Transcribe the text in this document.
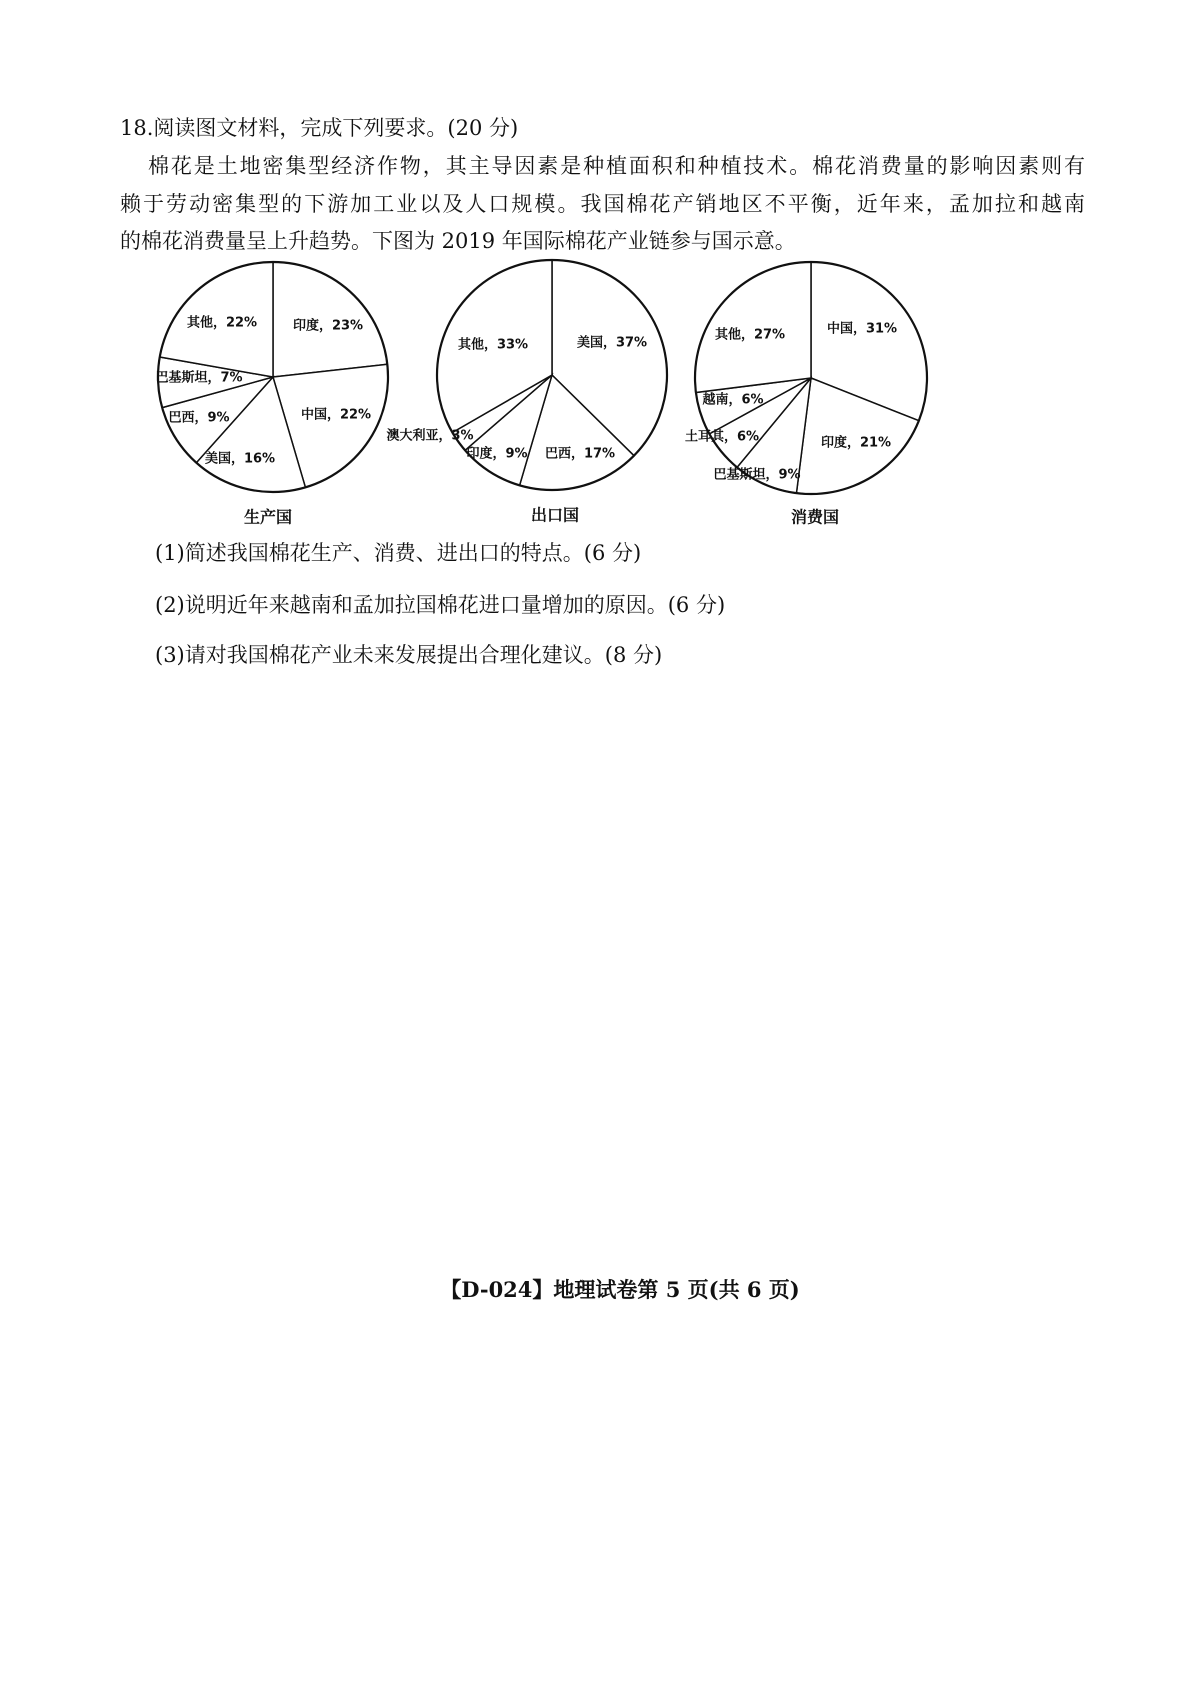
18.阅读图文材料，完成下列要求。(20 分)
棉花是土地密集型经济作物，其主导因素是种植面积和种植技术。棉花消费量的影响因素则有
赖于劳动密集型的下游加工业以及人口规模。我国棉花产销地区不平衡，近年来，孟加拉和越南
的棉花消费量呈上升趋势。下图为 2019 年国际棉花产业链参与国示意。
印度，23%
中国，22%
美国，16%
巴西，9%
巴基斯坦，7%
其他，22%
生产国
美国，37%
巴西，17%
印度，9%
澳大利亚，3%
其他，33%
出口国
中国，31%
印度，21%
巴基斯坦，9%
土耳其，6%
越南，6%
其他，27%
消费国
(1)简述我国棉花生产、消费、进出口的特点。(6 分)
(2)说明近年来越南和孟加拉国棉花进口量增加的原因。(6 分)
(3)请对我国棉花产业未来发展提出合理化建议。(8 分)
【D-024】地理试卷第 5 页(共 6 页)
